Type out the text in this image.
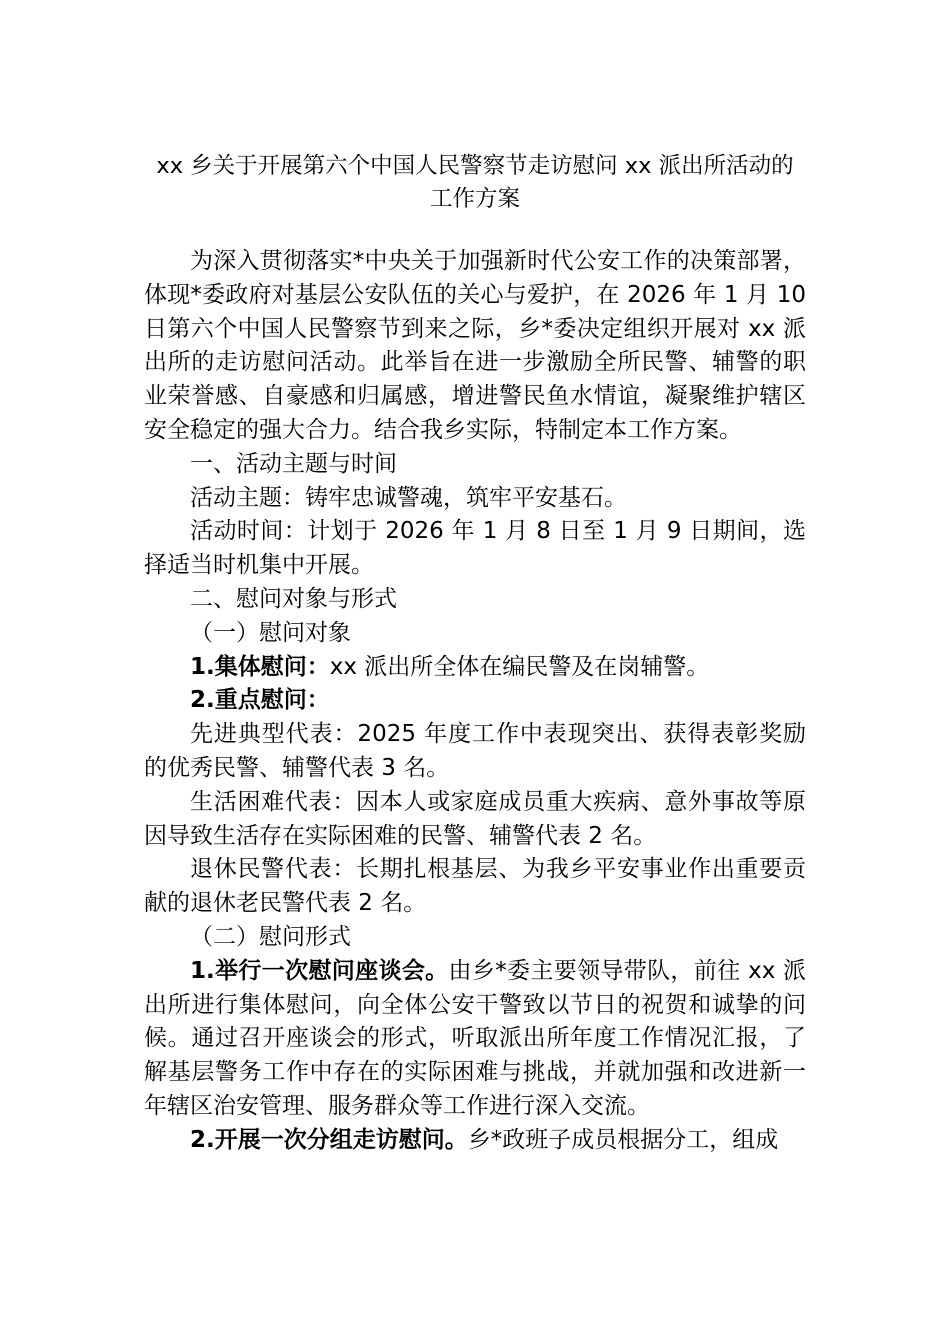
xx 乡关于开展第六个中国人民警察节走访慰问 xx 派出所活动的
工作方案

为深入贯彻落实*中央关于加强新时代公安工作的决策部署，体现*委政府对基层公安队伍的关心与爱护，在 2026 年 1 月 10 日第六个中国人民警察节到来之际，乡*委决定组织开展对 xx 派出所的走访慰问活动。此举旨在进一步激励全所民警、辅警的职业荣誉感、自豪感和归属感，增进警民鱼水情谊，凝聚维护辖区安全稳定的强大合力。结合我乡实际，特制定本工作方案。

一、活动主题与时间

活动主题：铸牢忠诚警魂，筑牢平安基石。

活动时间：计划于 2026 年 1 月 8 日至 1 月 9 日期间，选择适当时机集中开展。

二、慰问对象与形式

（一）慰问对象

1.集体慰问：xx 派出所全体在编民警及在岗辅警。

2.重点慰问：

先进典型代表：2025 年度工作中表现突出、获得表彰奖励的优秀民警、辅警代表 3 名。

生活困难代表：因本人或家庭成员重大疾病、意外事故等原因导致生活存在实际困难的民警、辅警代表 2 名。

退休民警代表：长期扎根基层、为我乡平安事业作出重要贡献的退休老民警代表 2 名。

（二）慰问形式

1.举行一次慰问座谈会。由乡*委主要领导带队，前往 xx 派出所进行集体慰问，向全体公安干警致以节日的祝贺和诚挚的问候。通过召开座谈会的形式，听取派出所年度工作情况汇报，了解基层警务工作中存在的实际困难与挑战，并就加强和改进新一年辖区治安管理、服务群众等工作进行深入交流。

2.开展一次分组走访慰问。乡*政班子成员根据分工，组成
